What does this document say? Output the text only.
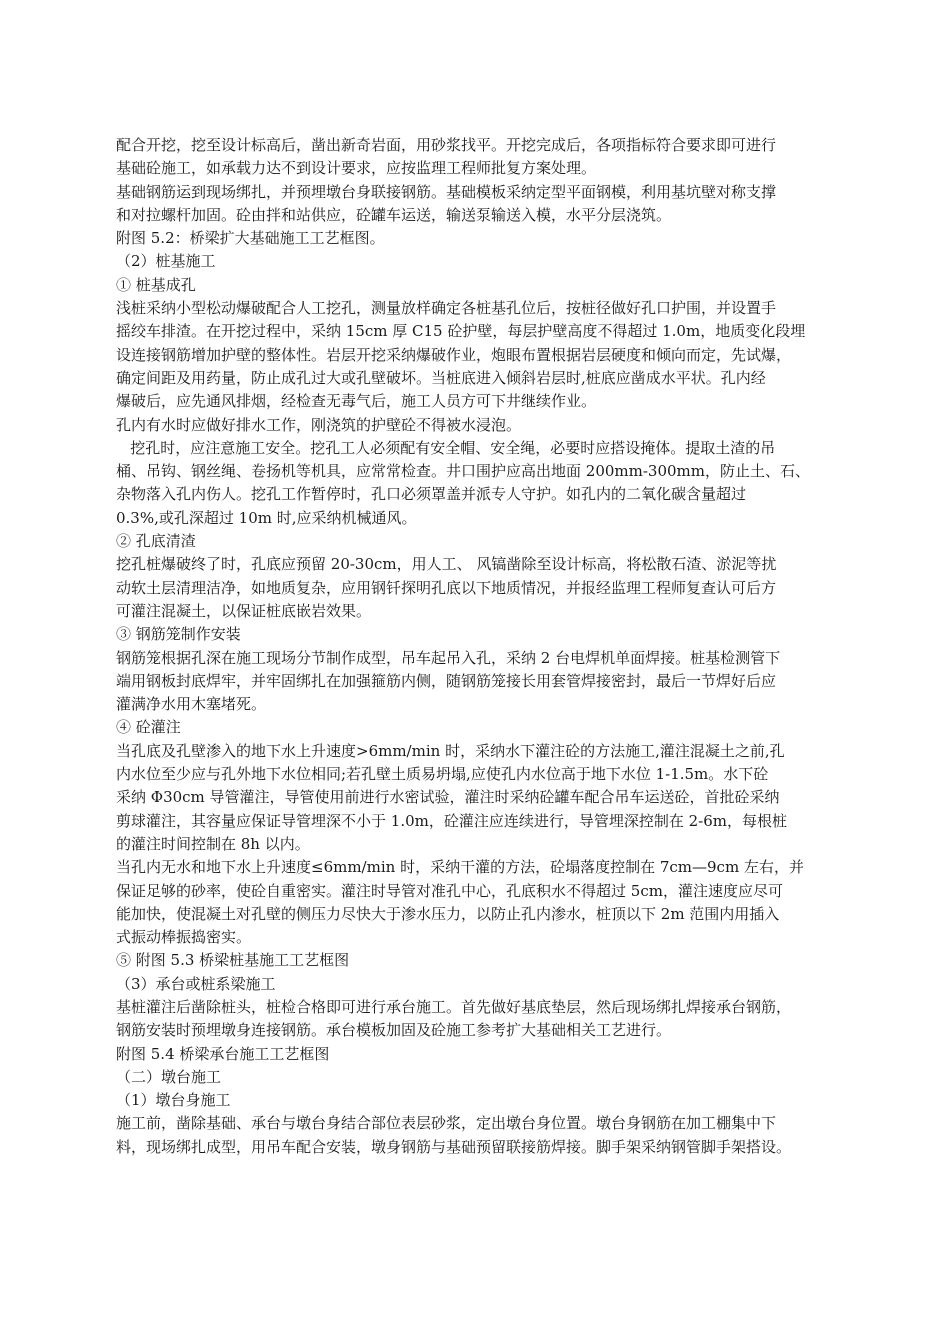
配合开挖，挖至设计标高后，凿出新奇岩面，用砂浆找平。开挖完成后，各项指标符合要求即可进行
基础砼施工，如承载力达不到设计要求，应按监理工程师批复方案处理。
基础钢筋运到现场绑扎，并预埋墩台身联接钢筋。基础模板采纳定型平面钢模，利用基坑壁对称支撑
和对拉螺杆加固。砼由拌和站供应，砼罐车运送，输送泵输送入模，水平分层浇筑。
附图 5.2：桥梁扩大基础施工工艺框图。
（2）桩基施工
① 桩基成孔
浅桩采纳小型松动爆破配合人工挖孔，测量放样确定各桩基孔位后，按桩径做好孔口护围，并设置手
摇绞车排渣。在开挖过程中，采纳 15cm 厚 C15 砼护壁，每层护壁高度不得超过 1.0m，地质变化段埋
设连接钢筋增加护壁的整体性。岩层开挖采纳爆破作业，炮眼布置根据岩层硬度和倾向而定，先试爆，
确定间距及用药量，防止成孔过大或孔壁破坏。当桩底进入倾斜岩层时,桩底应凿成水平状。孔内经
爆破后，应先通风排烟，经检查无毒气后，施工人员方可下井继续作业。
孔内有水时应做好排水工作，刚浇筑的护壁砼不得被水浸泡。
挖孔时，应注意施工安全。挖孔工人必须配有安全帽、安全绳，必要时应搭设掩体。提取土渣的吊
桶、吊钩、钢丝绳、卷扬机等机具，应常常检查。井口围护应高出地面 200mm-300mm，防止土、石、
杂物落入孔内伤人。挖孔工作暂停时，孔口必须罩盖并派专人守护。如孔内的二氧化碳含量超过
0.3%,或孔深超过 10m 时,应采纳机械通风。
② 孔底清渣
挖孔桩爆破终了时，孔底应预留 20-30cm，用人工、 风镐凿除至设计标高，将松散石渣、淤泥等扰
动软土层清理洁净，如地质复杂，应用钢钎探明孔底以下地质情况，并报经监理工程师复查认可后方
可灌注混凝土，以保证桩底嵌岩效果。
③ 钢筋笼制作安装
钢筋笼根据孔深在施工现场分节制作成型，吊车起吊入孔，采纳 2 台电焊机单面焊接。桩基检测管下
端用钢板封底焊牢，并牢固绑扎在加强箍筋内侧，随钢筋笼接长用套管焊接密封，最后一节焊好后应
灌满净水用木塞堵死。
④ 砼灌注
当孔底及孔壁渗入的地下水上升速度>6mm/min 时，采纳水下灌注砼的方法施工,灌注混凝土之前,孔
内水位至少应与孔外地下水位相同;若孔壁土质易坍塌,应使孔内水位高于地下水位 1-1.5m。水下砼
采纳 Φ30cm 导管灌注，导管使用前进行水密试验，灌注时采纳砼罐车配合吊车运送砼，首批砼采纳
剪球灌注，其容量应保证导管埋深不小于 1.0m，砼灌注应连续进行，导管埋深控制在 2-6m，每根桩
的灌注时间控制在 8h 以内。
当孔内无水和地下水上升速度≤6mm/min 时，采纳干灌的方法，砼塌落度控制在 7cm—9cm 左右，并
保证足够的砂率，使砼自重密实。灌注时导管对准孔中心，孔底积水不得超过 5cm，灌注速度应尽可
能加快，使混凝土对孔壁的侧压力尽快大于渗水压力，以防止孔内渗水，桩顶以下 2m 范围内用插入
式振动棒振捣密实。
⑤ 附图 5.3 桥梁桩基施工工艺框图
（3）承台或桩系梁施工
基桩灌注后凿除桩头，桩检合格即可进行承台施工。首先做好基底垫层，然后现场绑扎焊接承台钢筋，
钢筋安装时预埋墩身连接钢筋。承台模板加固及砼施工参考扩大基础相关工艺进行。
附图 5.4 桥梁承台施工工艺框图
（二）墩台施工
（1）墩台身施工
施工前，凿除基础、承台与墩台身结合部位表层砂浆，定出墩台身位置。墩台身钢筋在加工棚集中下
料，现场绑扎成型，用吊车配合安装，墩身钢筋与基础预留联接筋焊接。脚手架采纳钢管脚手架搭设。
